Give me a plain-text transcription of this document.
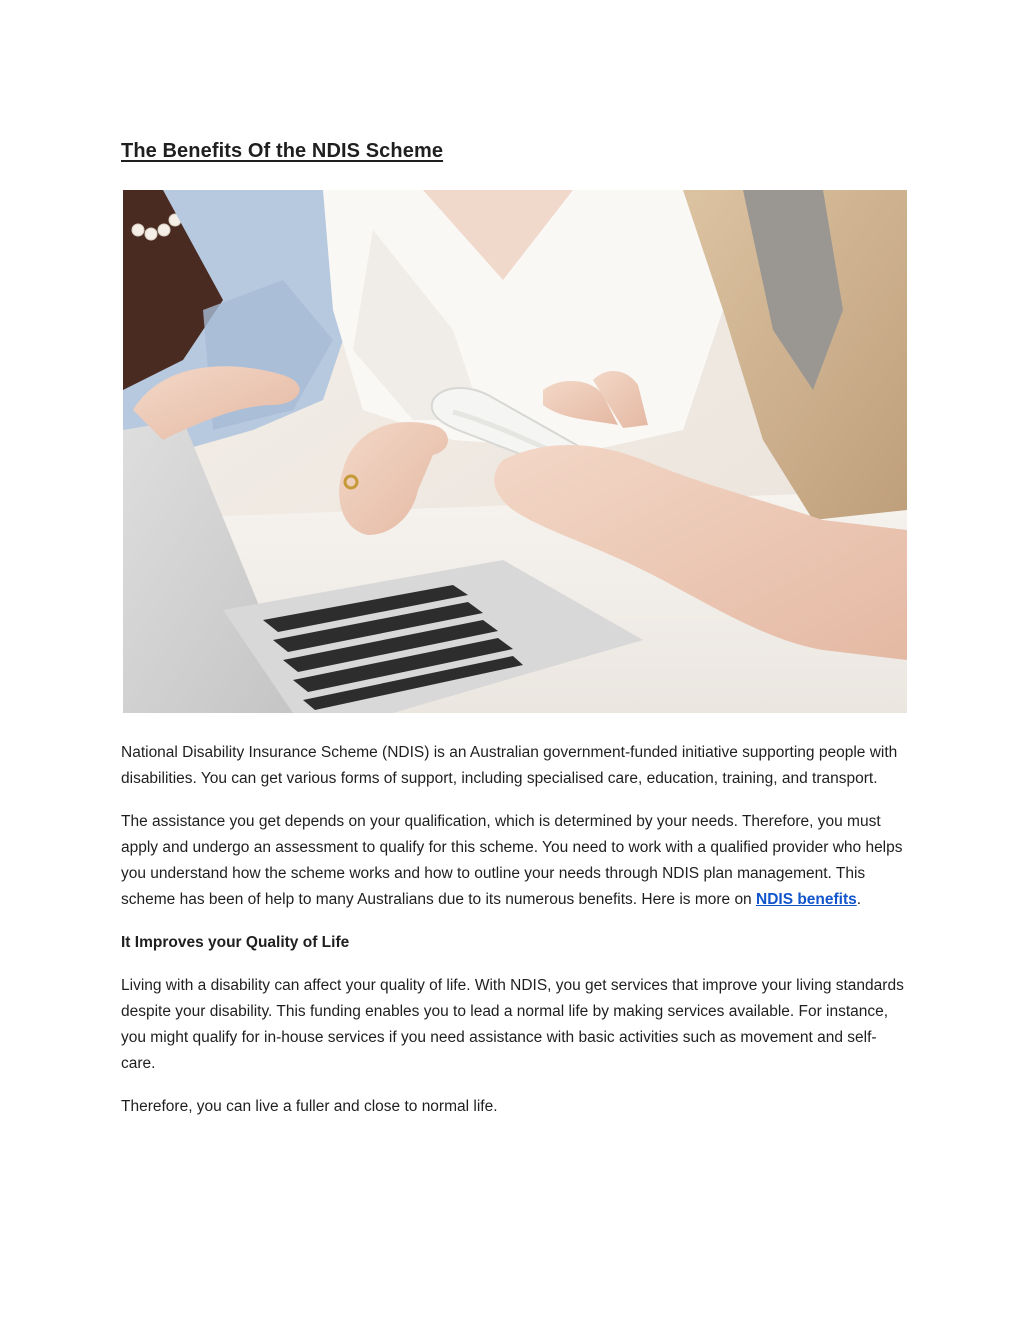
The Benefits Of the NDIS Scheme

National Disability Insurance Scheme (NDIS) is an Australian government-funded initiative supporting people with disabilities. You can get various forms of support, including specialised care, education, training, and transport.

The assistance you get depends on your qualification, which is determined by your needs. Therefore, you must apply and undergo an assessment to qualify for this scheme. You need to work with a qualified provider who helps you understand how the scheme works and how to outline your needs through NDIS plan management. This scheme has been of help to many Australians due to its numerous benefits. Here is more on NDIS benefits.

It Improves your Quality of Life

Living with a disability can affect your quality of life. With NDIS, you get services that improve your living standards despite your disability. This funding enables you to lead a normal life by making services available. For instance, you might qualify for in-house services if you need assistance with basic activities such as movement and self-care.

Therefore, you can live a fuller and close to normal life.
